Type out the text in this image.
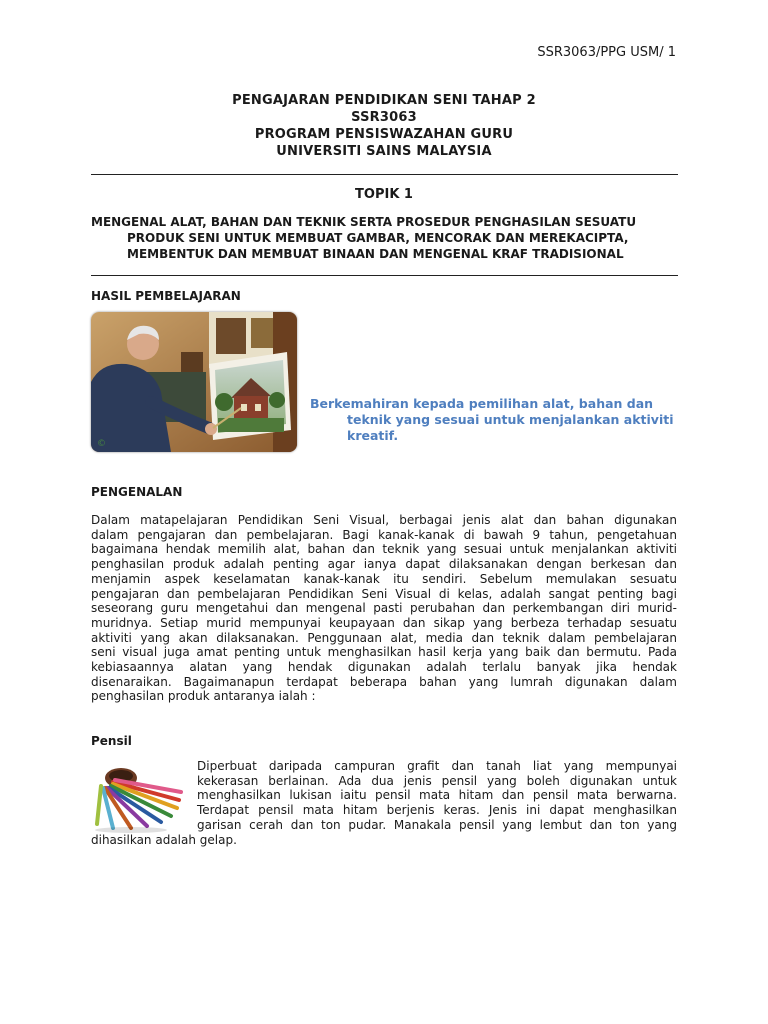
SSR3063/PPG USM/ 1
PENGAJARAN PENDIDIKAN SENI TAHAP 2
SSR3063
PROGRAM PENSISWAZAHAN GURU
UNIVERSITI SAINS MALAYSIA
TOPIK 1
MENGENAL ALAT, BAHAN DAN TEKNIK SERTA PROSEDUR PENGHASILAN SESUATU
PRODUK SENI UNTUK MEMBUAT GAMBAR, MENCORAK DAN MEREKACIPTA,
MEMBENTUK DAN MEMBUAT BINAAN DAN MENGENAL KRAF TRADISIONAL
HASIL PEMBELAJARAN
©
Berkemahiran kepada pemilihan alat, bahan dan
teknik yang sesuai untuk menjalankan aktiviti
kreatif.
PENGENALAN
Dalam matapelajaran Pendidikan Seni Visual, berbagai jenis alat dan bahan digunakan
dalam pengajaran dan pembelajaran. Bagi kanak-kanak di bawah 9 tahun, pengetahuan
bagaimana hendak memilih alat, bahan dan teknik yang sesuai untuk menjalankan aktiviti
penghasilan produk adalah penting agar ianya dapat dilaksanakan dengan berkesan dan
menjamin aspek keselamatan kanak-kanak itu sendiri. Sebelum memulakan sesuatu
pengajaran dan pembelajaran Pendidikan Seni Visual di kelas, adalah sangat penting bagi
seseorang guru mengetahui dan mengenal pasti perubahan dan perkembangan diri murid-
muridnya. Setiap murid mempunyai keupayaan dan sikap yang berbeza terhadap sesuatu
aktiviti yang akan dilaksanakan. Penggunaan alat, media dan teknik dalam pembelajaran
seni visual juga amat penting untuk menghasilkan hasil kerja yang baik dan bermutu. Pada
kebiasaannya alatan yang hendak digunakan adalah terlalu banyak jika hendak
disenaraikan. Bagaimanapun terdapat beberapa bahan yang lumrah digunakan dalam
penghasilan produk antaranya ialah :
Pensil
Diperbuat daripada campuran grafit dan tanah liat yang mempunyai
kekerasan berlainan. Ada dua jenis pensil yang boleh digunakan untuk
menghasilkan lukisan iaitu pensil mata hitam dan pensil mata berwarna.
Terdapat pensil mata hitam berjenis keras. Jenis ini dapat menghasilkan
garisan cerah dan ton pudar. Manakala pensil yang lembut dan ton yang
dihasilkan adalah gelap.
